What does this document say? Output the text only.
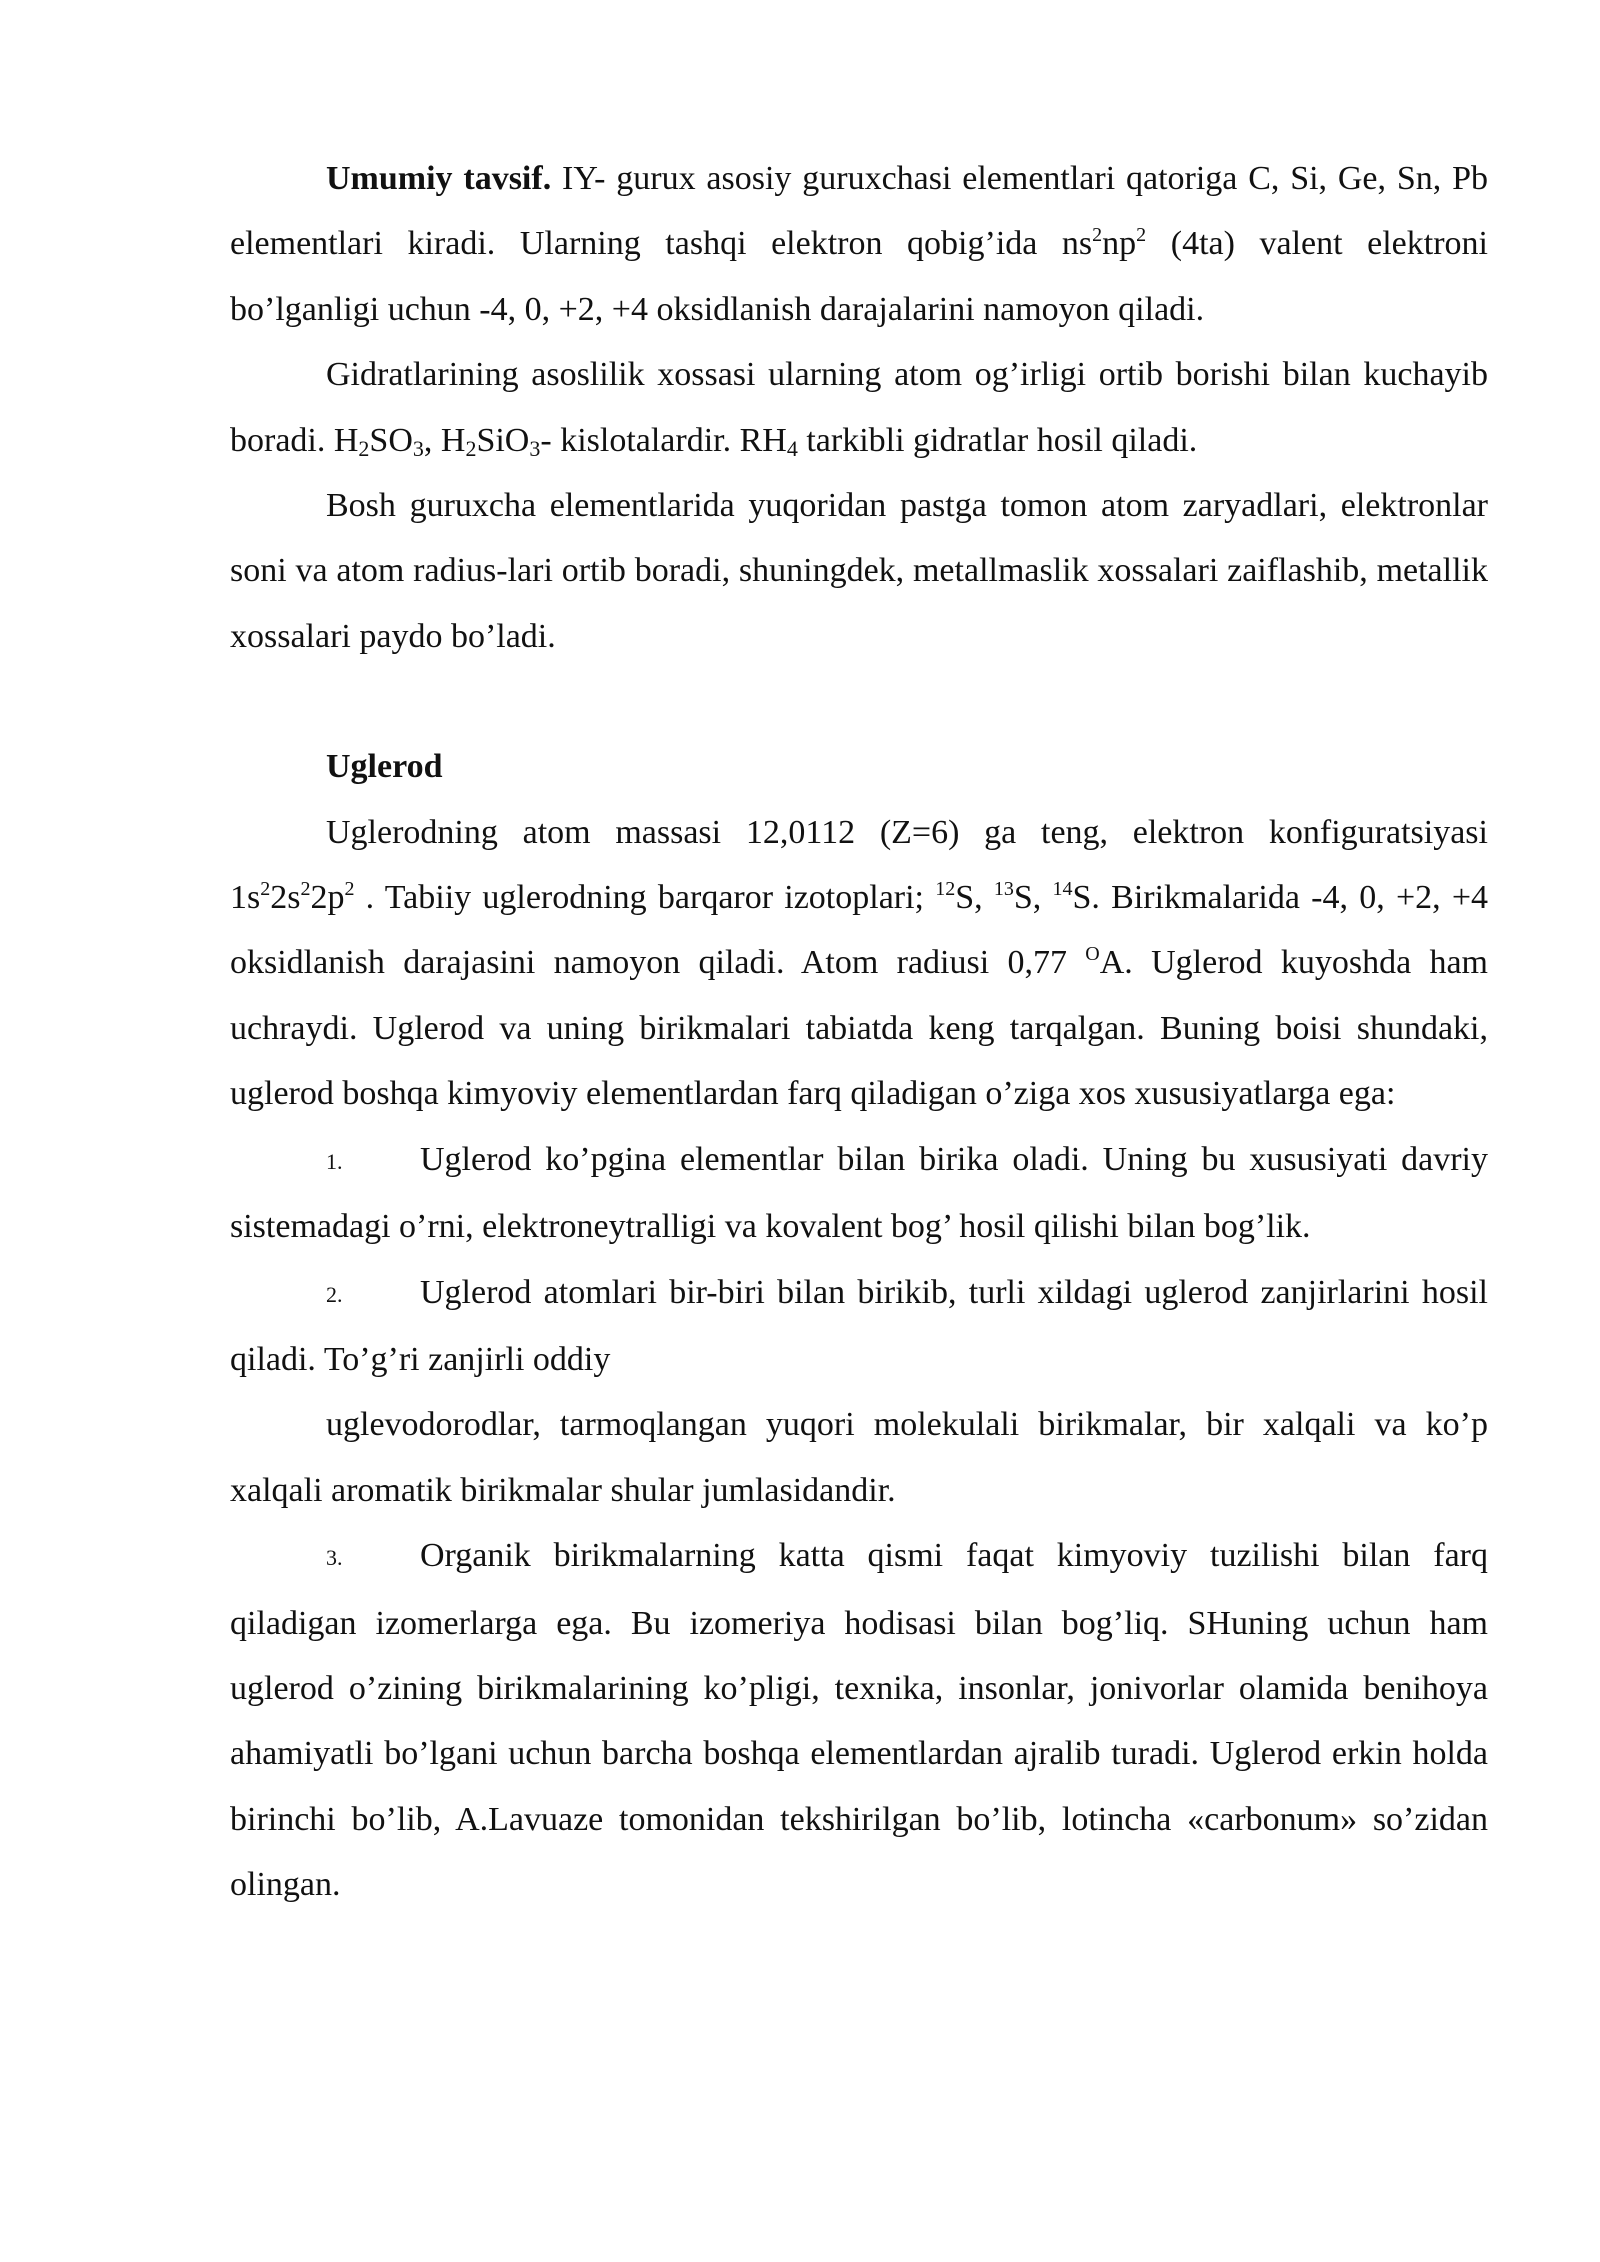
Umumiy tavsif. IY- gurux asosiy guruxchasi elementlari qatoriga C, Si, Ge, Sn, Pb elementlari kiradi. Ularning tashqi elektron qobig’ida $ns^2np^2$ (4ta) valent elektroni bo’lganligi uchun -4, 0, +2, +4 oksidlanish darajalarini namoyon qiladi.

Gidratlarining asoslilik xossasi ularning atom og’irligi ortib borishi bilan kuchayib boradi. $H_2SO_3$, $H_2SiO_3-$ kislotalardir. $RH_4$ tarkibli gidratlar hosil qiladi.

Bosh guruxcha elementlarida yuqoridan pastga tomon atom zaryadlari, elektronlar soni va atom radius-lari ortib boradi, shuningdek, metallmaslik xossalari zaiflashib, metallik xossalari paydo bo’ladi.

Uglerod

Uglerodning atom massasi 12,0112 (Z=6) ga teng, elektron konfiguratsiyasi $1s^22s^22p^2$ . Tabiiy uglerodning barqaror izotoplari; $^{12}$S, $^{13}$S, $^{14}$S. Birikmalarida -4, 0, +2, +4 oksidlanish darajasini namoyon qiladi. Atom radiusi 0,77 $^O$A. Uglerod kuyoshda ham uchraydi. Uglerod va uning birikmalari tabiatda keng tarqalgan. Buning boisi shundaki, uglerod boshqa kimyoviy elementlardan farq qiladigan o’ziga xos xususiyatlarga ega:

1. Uglerod ko’pgina elementlar bilan birika oladi. Uning bu xususiyati davriy sistemadagi o’rni, elektroneytralligi va kovalent bog’ hosil qilishi bilan bog’lik.

2. Uglerod atomlari bir-biri bilan birikib, turli xildagi uglerod zanjirlarini hosil qiladi. To’g’ri zanjirli oddiy

uglevodorodlar, tarmoqlangan yuqori molekulali birikmalar, bir xalqali va ko’p xalqali aromatik birikmalar shular jumlasidandir.

3. Organik birikmalarning katta qismi faqat kimyoviy tuzilishi bilan farq qiladigan izomerlarga ega. Bu izomeriya hodisasi bilan bog’liq. SHuning uchun ham uglerod o’zining birikmalarining ko’pligi, texnika, insonlar, jonivorlar olamida benihoya ahamiyatli bo’lgani uchun barcha boshqa elementlardan ajralib turadi. Uglerod erkin holda birinchi bo’lib, A.Lavuaze tomonidan tekshirilgan bo’lib, lotincha «carbonum» so’zidan olingan.
